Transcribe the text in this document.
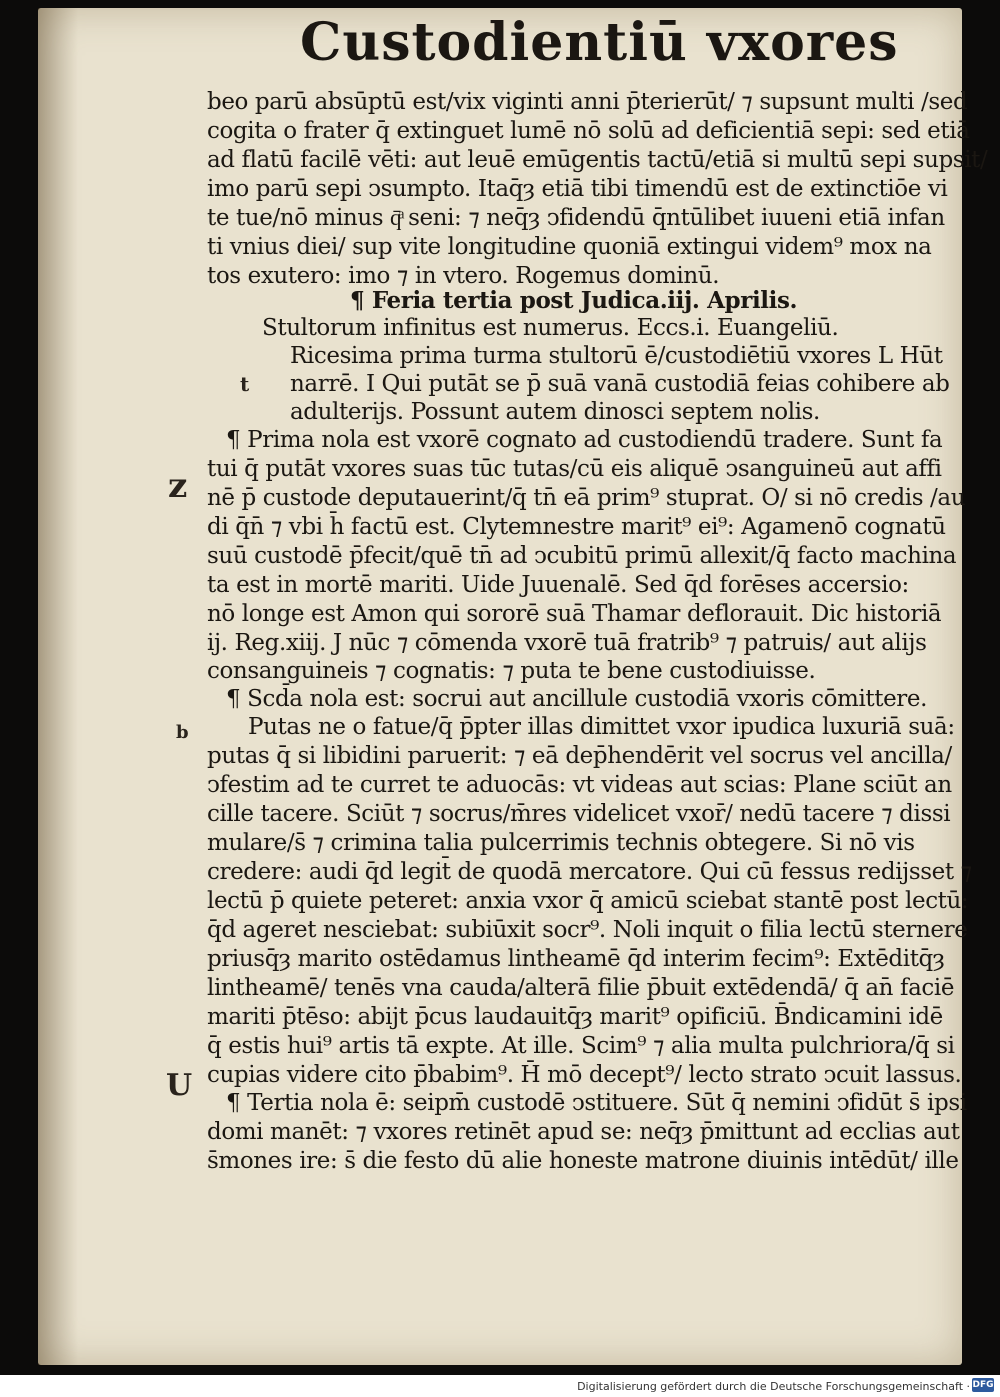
Custodientiū vxores
beo parū absūptū est/vix viginti anni p̄terierūt/ ⁊ supsunt multi /sed
cogita o frater q̄ extinguet lumē nō solū ad deficientiā sepi: sed etiā
ad flatū facilē vēti: aut leuē emūgentis tactū/etiā si multū sepi supsit/
imo parū sepi ↄsumpto. Itaq̄ȝ etiā tibi timendū est de extinctiōe vi
te tue/nō minus q̄ͣ seni: ⁊ neq̄ȝ ↄfidendū q̄ntūlibet iuueni etiā infan
ti vnius diei/ sup vite longitudine quoniā extingui videm⁹ mox na
tos exutero: imo ⁊ in vtero. Rogemus dominū.
¶ Feria tertia post Judica.iij. Aprilis.
Stultorum infinitus est numerus. Eccs.i. Euangeliū.
Ricesima prima turma stultorū ē/custodiētiū vxores L Hūt
narrē. I Qui putāt se p̄ suā vanā custodiā feias cohibere ab
adulterijs. Possunt autem dinosci septem nolis.
¶ Prima nola est vxorē cognato ad custodiendū tradere. Sunt fa
tui q̄ putāt vxores suas tūc tutas/cū eis aliquē ↄsanguineū aut affi
nē p̄ custode deputauerint/q̄ tn̄ eā prim⁹ stuprat. O/ si nō credis /au
di q̄n̄ ⁊ vbi h̄ factū est. Clytemnestre marit⁹ ei⁹: Agamenō cognatū
suū custodē p̄fecit/quē tn̄ ad ↄcubitū primū allexit/q̄ facto machina
ta est in mortē mariti. Uide Juuenalē. Sed q̄d forēses accersio:
nō longe est Amon qui sororē suā Thamar deflorauit. Dic historiā
ij. Reg.xiij. J nūc ⁊ cōmenda vxorē tuā fratrib⁹ ⁊ patruis/ aut alijs
consanguineis ⁊ cognatis: ⁊ puta te bene custodiuisse.
¶ Scd̄a nola est: socrui aut ancillule custodiā vxoris cōmittere.
Putas ne o fatue/q̄ p̄pter illas dimittet vxor ipudica luxuriā suā:
putas q̄ si libidini paruerit: ⁊ eā dep̄hendērit vel socrus vel ancilla/
ↄfestim ad te curret te aduocās: vt videas aut scias: Plane sciūt an
cille tacere. Sciūt ⁊ socrus/m̄res videlicet vxor̄/ nedū tacere ⁊ dissi
mulare/s̄ ⁊ crimina talia pulcerrimis technis obtegere. Si nō vis
credere: audi q̄d legit̄ de quodā mercatore. Qui cū fessus redijsset ⁊
lectū p̄ quiete peteret: anxia vxor q̄ amicū sciebat stantē post lectū:
q̄d ageret nesciebat: subiūxit socr⁹. Noli inquit o filia lectū sternere
priusq̄ȝ marito ostēdamus lintheamē q̄d interim fecim⁹: Extēditq̄ȝ
lintheamē/ tenēs vna cauda/alterā filie p̄buit extēdendā/ q̄ an̄ faciē
mariti p̄tēso: abijt p̄cus laudauitq̄ȝ marit⁹ opificiū. B̄ndicamini idē
q̄ estis hui⁹ artis tā expte. At ille. Scim⁹ ⁊ alia multa pulchriora/q̄ si
cupias videre cito p̄babim⁹. H̄ mō decept⁹/ lecto strato ↄcuit lassus.
¶ Tertia nola ē: seipm̄ custodē ↄstituere. Sūt q̄ nemini ↄfidūt s̄ ipsi
domi manēt: ⁊ vxores retinēt apud se: neq̄ȝ p̄mittunt ad ecclias aut
s̄mones ire: s̄ die festo dū alie honeste matrone diuinis intēdūt/ ille
t
z
b
U
Digitalisierung gefördert durch die Deutsche Forschungsgemeinschaft · DFG
